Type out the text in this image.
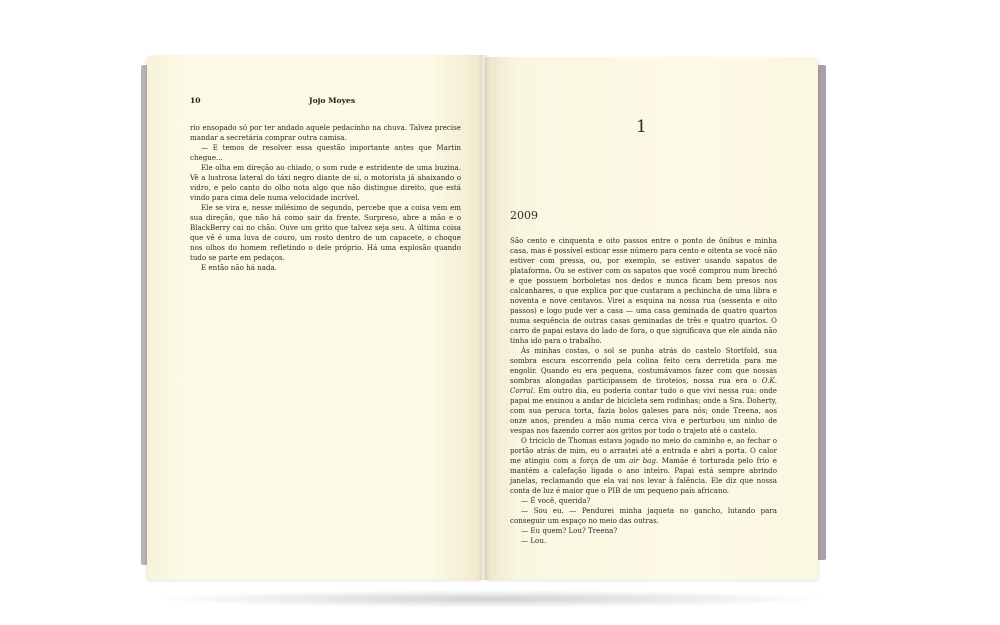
10	Jojo Moyes

rio ensopado só por ter andado aquele pedacinho na chuva. Talvez precise mandar a secretária comprar outra camisa.

— E temos de resolver essa questão importante antes que Martin chegue...

Ele olha em direção ao chiado, o som rude e estridente de uma buzina. Vê a lustrosa lateral do táxi negro diante de si, o motorista já abaixando o vidro, e pelo canto do olho nota algo que não distingue direito, que está vindo para cima dele numa velocidade incrível.

Ele se vira e, nesse milésimo de segundo, percebe que a coisa vem em sua direção, que não há como sair da frente. Surpreso, abre a mão e o BlackBerry cai no chão. Ouve um grito que talvez seja seu. A última coisa que vê é uma luva de couro, um rosto dentro de um capacete, o choque nos olhos do homem refletindo o dele próprio. Há uma explosão quando tudo se parte em pedaços.

E então não há nada.

1
2009

São cento e cinquenta e oito passos entre o ponto de ônibus e minha casa, mas é possível esticar esse número para cento e oitenta se você não estiver com pressa, ou, por exemplo, se estiver usando sapatos de plataforma. Ou se estiver com os sapatos que você comprou num brechó e que possuem borboletas nos dedos e nunca ficam bem presos nos calcanhares, o que explica por que custaram a pechincha de uma libra e noventa e nove centavos. Virei a esquina na nossa rua (sessenta e oito passos) e logo pude ver a casa — uma casa geminada de quatro quartos numa sequência de outras casas geminadas de três e quatro quartos. O carro de papai estava do lado de fora, o que significava que ele ainda não tinha ido para o trabalho.

Às minhas costas, o sol se punha atrás do castelo Stortfold, sua sombra escura escorrendo pela colina feito cera derretida para me engolir. Quando eu era pequena, costumávamos fazer com que nossas sombras alongadas participassem de tiroteios, nossa rua era o O.K. Corral. Em outro dia, eu poderia contar tudo o que vivi nessa rua: onde papai me ensinou a andar de bicicleta sem rodinhas; onde a Sra. Doherty, com sua peruca torta, fazia bolos galeses para nós; onde Treena, aos onze anos, prendeu a mão numa cerca viva e perturbou um ninho de vespas nos fazendo correr aos gritos por todo o trajeto até o castelo.

O triciclo de Thomas estava jogado no meio do caminho e, ao fechar o portão atrás de mim, eu o arrastei até a entrada e abri a porta. O calor me atingiu com a força de um air bag. Mamãe é torturada pelo frio e mantém a calefação ligada o ano inteiro. Papai está sempre abrindo janelas, reclamando que ela vai nos levar à falência. Ele diz que nossa conta de luz é maior que o PIB de um pequeno país africano.

— É você, querida?

— Sou eu. — Pendurei minha jaqueta no gancho, lutando para conseguir um espaço no meio das outras.

— Eu quem? Lou? Treena?

— Lou.
